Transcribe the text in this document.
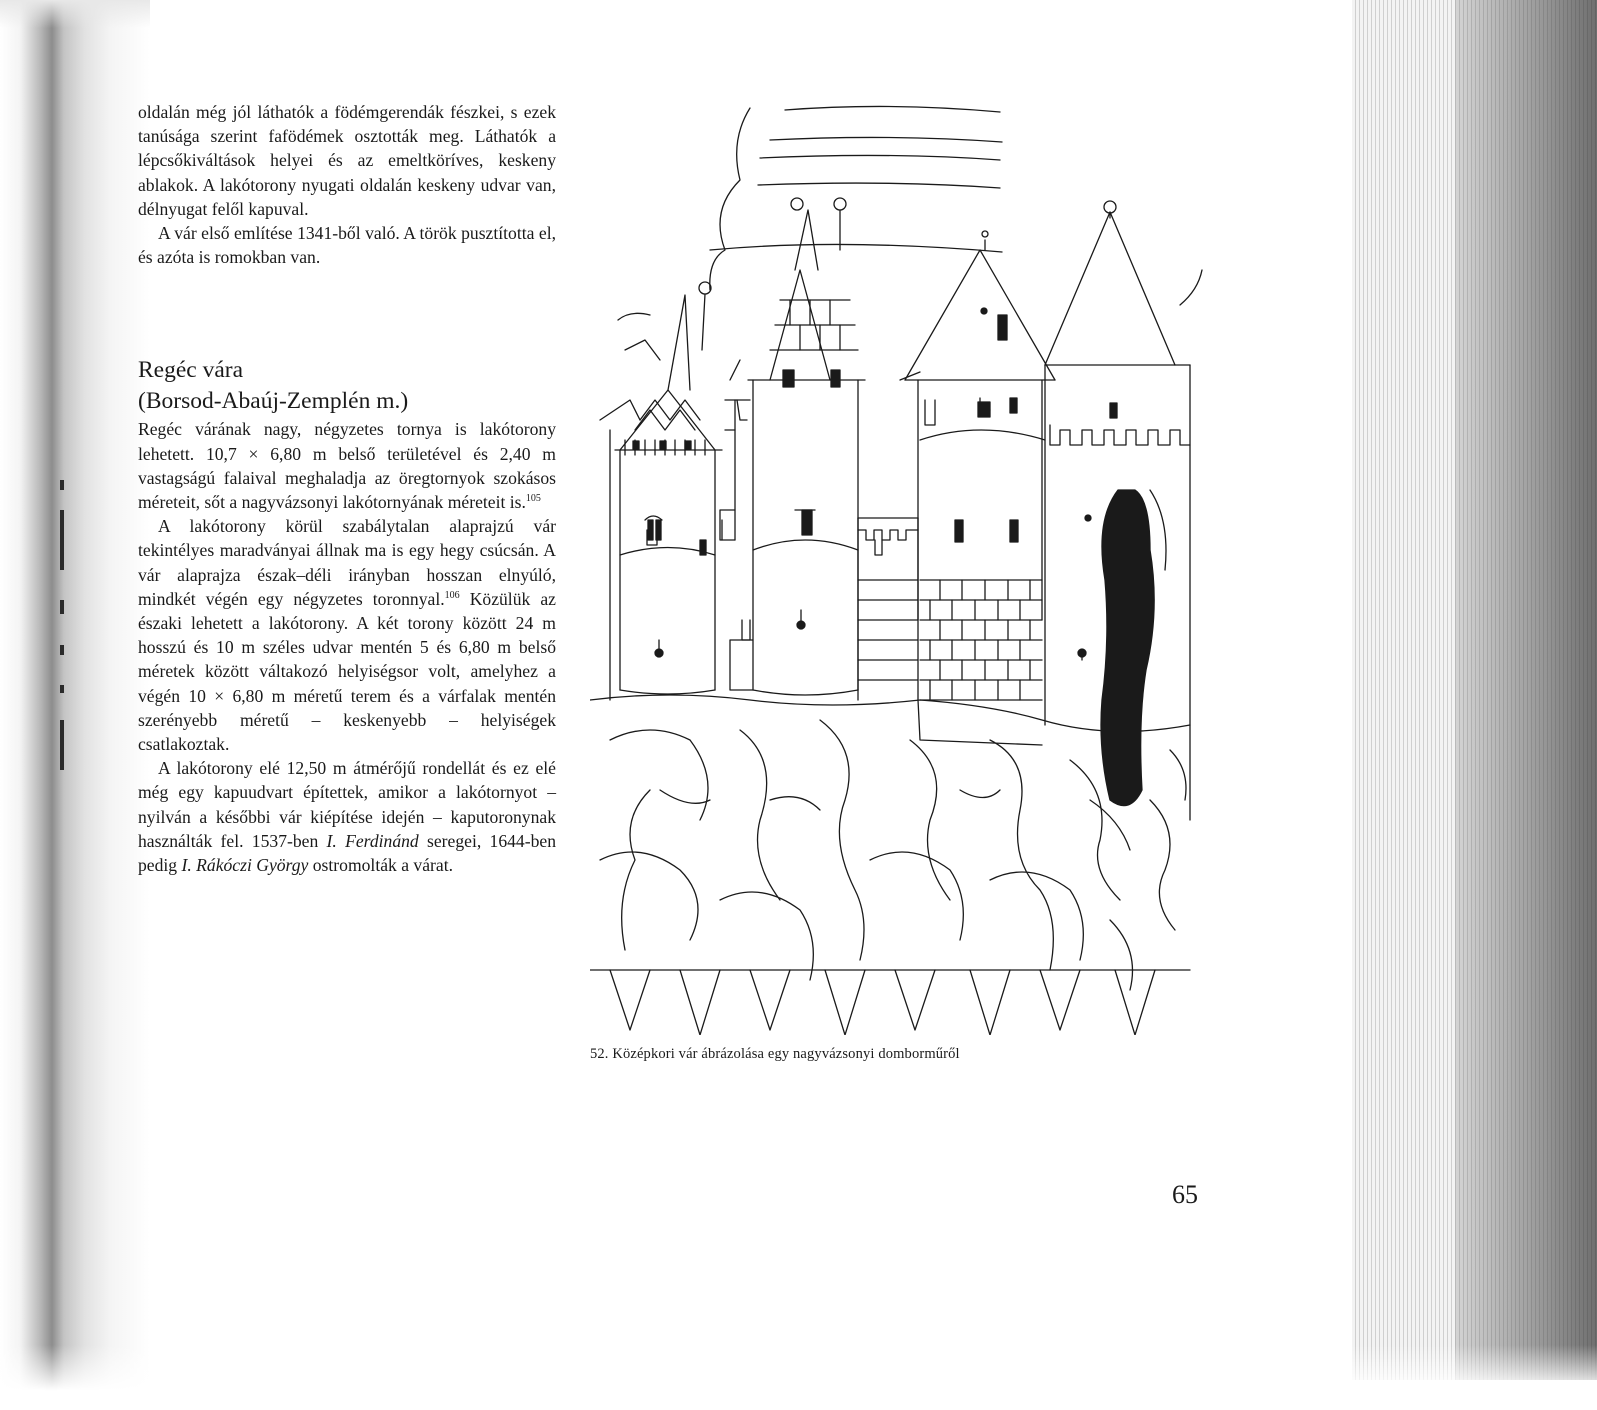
oldalán még jól láthatók a födémgerendák fészkei, s ezek tanúsága szerint fafödémek osztották meg. Láthatók a lépcsőkiváltások helyei és az emeltköríves, keskeny ablakok. A lakótorony nyugati oldalán keskeny udvar van, délnyugat felől kapuval.

A vár első említése 1341-ből való. A török pusztította el, és azóta is romokban van.

Regéc vára
(Borsod-Abaúj-Zemplén m.)

Regéc várának nagy, négyzetes tornya is lakótorony lehetett. 10,7 × 6,80 m belső területével és 2,40 m vastagságú falaival meghaladja az öregtornyok szokásos méreteit, sőt a nagyvázsonyi lakótornyának méreteit is.$^{105}$

A lakótorony körül szabálytalan alaprajzú vár tekintélyes maradványai állnak ma is egy hegy csúcsán. A vár alaprajza észak–déli irányban hosszan elnyúló, mindkét végén egy négyzetes toronnyal.$^{106}$ Közülük az északi lehetett a lakótorony. A két torony között 24 m hosszú és 10 m széles udvar mentén 5 és 6,80 m belső méretek között váltakozó helyiségsor volt, amelyhez a végén 10 × 6,80 m méretű terem és a várfalak mentén szerényebb méretű – keskenyebb – helyiségek csatlakoztak.

A lakótorony elé 12,50 m átmérőjű rondellát és ez elé még egy kapuudvart építettek, amikor a lakótornyot – nyilván a későbbi vár kiépítése idején – kaputoronynak használták fel. 1537-ben I. Ferdinánd seregei, 1644-ben pedig I. Rákóczi György ostromolták a várat.

52. Középkori vár ábrázolása egy nagyvázsonyi domborműről
65
